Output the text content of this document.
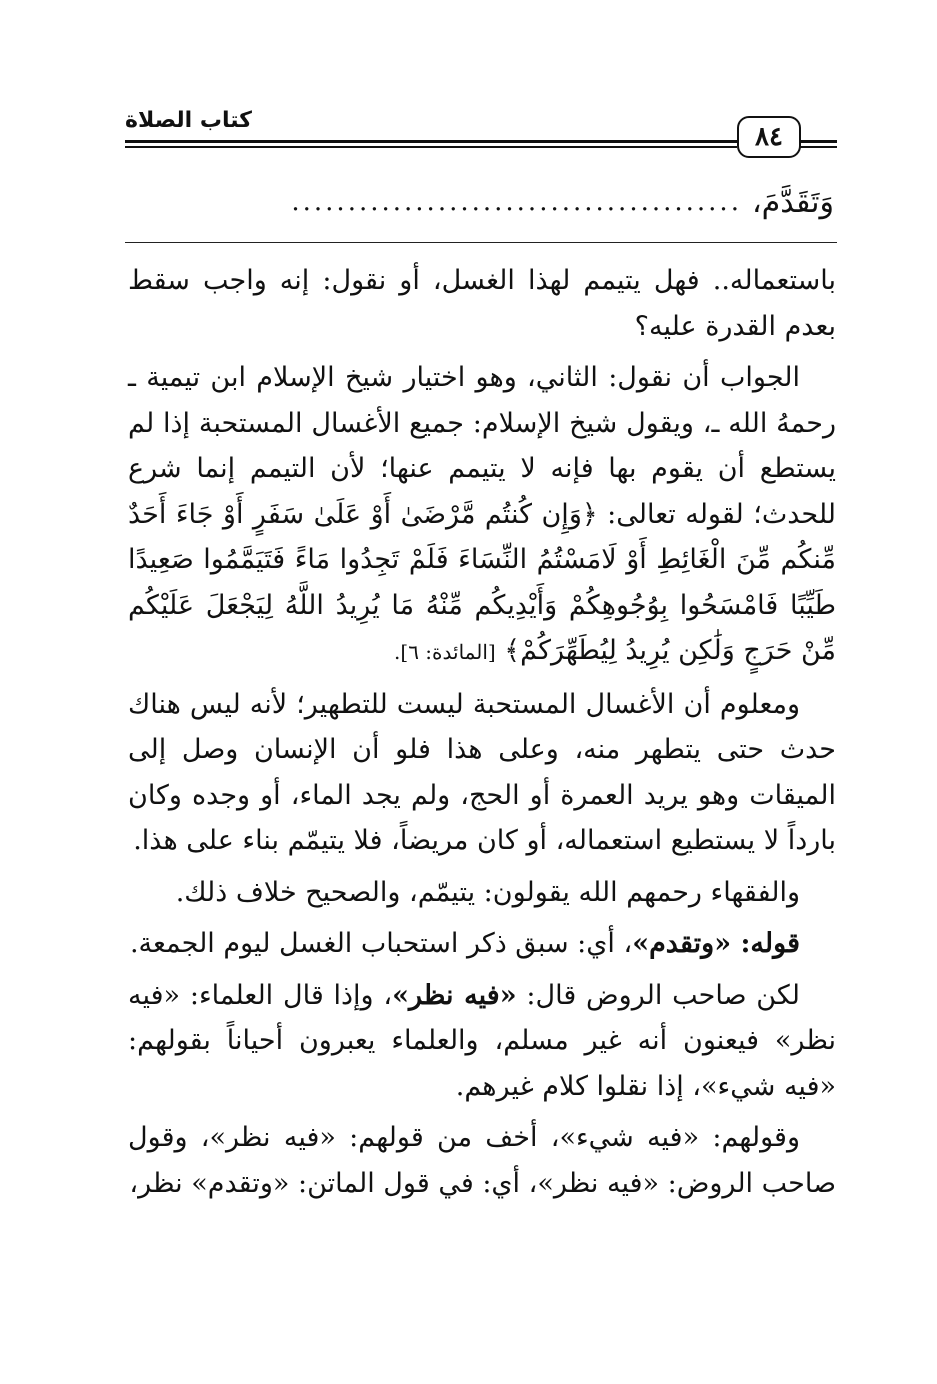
كتاب الصلاة
٨٤
وَتَقَدَّمَ،
........................................

باستعماله.. فهل يتيمم لهذا الغسل، أو نقول: إنه واجب سقط بعدم القدرة عليه؟

الجواب أن نقول: الثاني، وهو اختيار شيخ الإسلام ابن تيمية ـ رحمهُ الله ـ، ويقول شيخ الإسلام: جميع الأغسال المستحبة إذا لم يستطع أن يقوم بها فإنه لا يتيمم عنها؛ لأن التيمم إنما شرع للحدث؛ لقوله تعالى: ﴿وَإِن كُنتُم مَّرْضَىٰ أَوْ عَلَىٰ سَفَرٍ أَوْ جَاءَ أَحَدٌ مِّنكُم مِّنَ الْغَائِطِ أَوْ لَامَسْتُمُ النِّسَاءَ فَلَمْ تَجِدُوا مَاءً فَتَيَمَّمُوا صَعِيدًا طَيِّبًا فَامْسَحُوا بِوُجُوهِكُمْ وَأَيْدِيكُم مِّنْهُ مَا يُرِيدُ اللَّهُ لِيَجْعَلَ عَلَيْكُم مِّنْ حَرَجٍ وَلَٰكِن يُرِيدُ لِيُطَهِّرَكُمْ﴾ [المائدة: ٦].

ومعلوم أن الأغسال المستحبة ليست للتطهير؛ لأنه ليس هناك حدث حتى يتطهر منه، وعلى هذا فلو أن الإنسان وصل إلى الميقات وهو يريد العمرة أو الحج، ولم يجد الماء، أو وجده وكان بارداً لا يستطيع استعماله، أو كان مريضاً، فلا يتيمّم بناء على هذا.

والفقهاء رحمهم الله يقولون: يتيمّم، والصحيح خلاف ذلك.

قوله: «وتقدم»، أي: سبق ذكر استحباب الغسل ليوم الجمعة.

لكن صاحب الروض قال: «فيه نظر»، وإذا قال العلماء: «فيه نظر» فيعنون أنه غير مسلم، والعلماء يعبرون أحياناً بقولهم: «فيه شيء»، إذا نقلوا كلام غيرهم.

وقولهم: «فيه شيء»، أخف من قولهم: «فيه نظر»، وقول صاحب الروض: «فيه نظر»، أي: في قول الماتن: «وتقدم» نظر،
